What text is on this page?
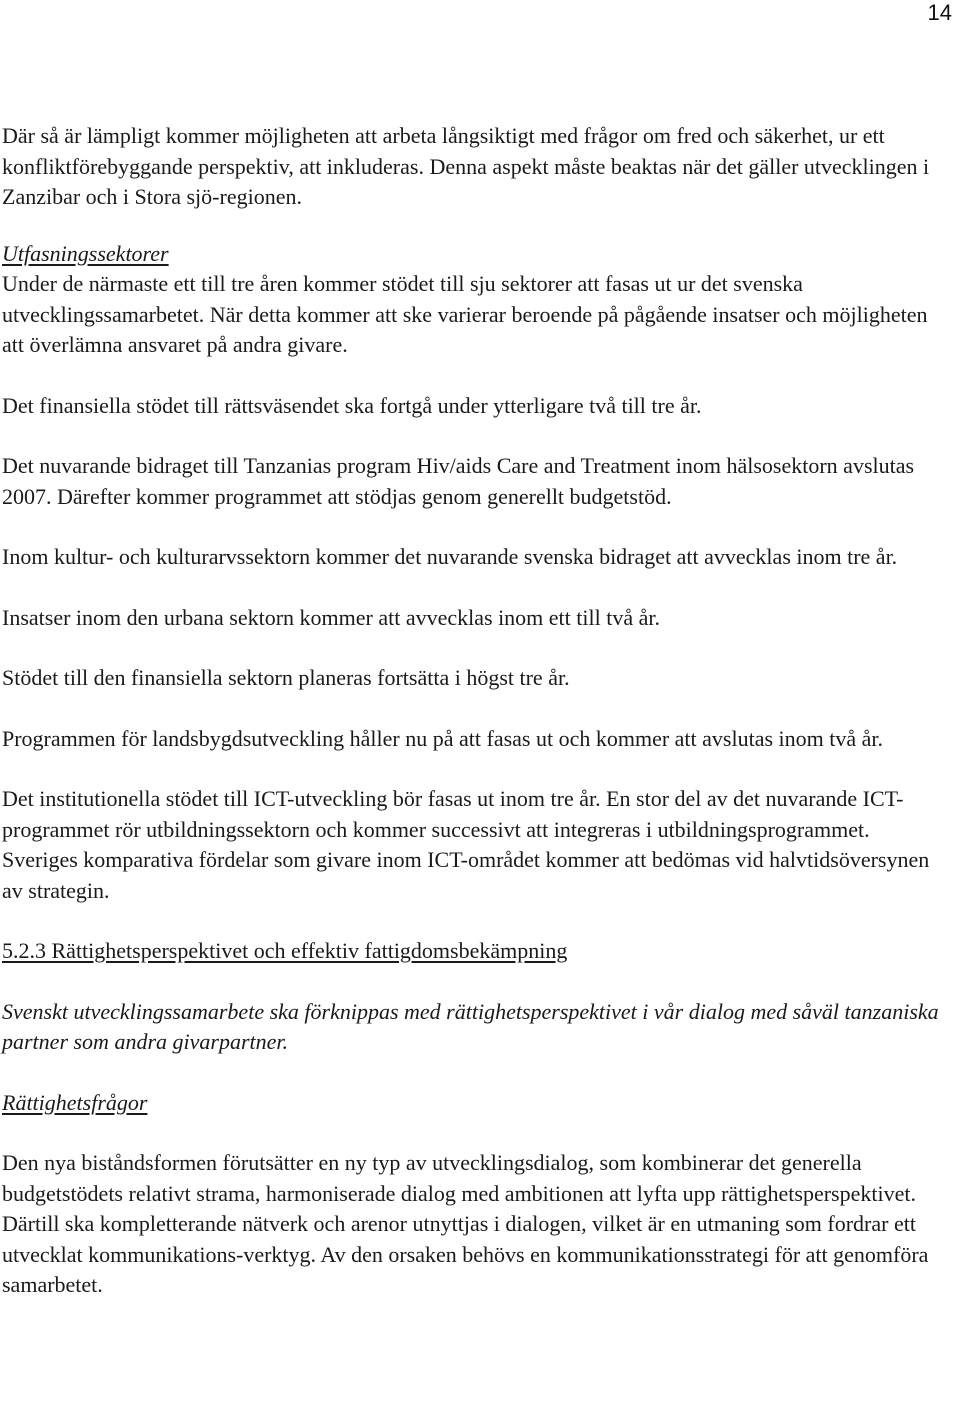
14

Där så är lämpligt kommer möjligheten att arbeta långsiktigt med frågor om fred och säkerhet, ur ett konfliktförebyggande perspektiv, att inkluderas. Denna aspekt måste beaktas när det gäller utvecklingen i Zanzibar och i Stora sjö-regionen.

Utfasningssektorer

Under de närmaste ett till tre åren kommer stödet till sju sektorer att fasas ut ur det svenska utvecklingssamarbetet. När detta kommer att ske varierar beroende på pågående insatser och möjligheten att överlämna ansvaret på andra givare.

Det finansiella stödet till rättsväsendet ska fortgå under ytterligare två till tre år.

Det nuvarande bidraget till Tanzanias program Hiv/aids Care and Treatment inom hälsosektorn avslutas 2007. Därefter kommer programmet att stödjas genom generellt budgetstöd.

Inom kultur- och kulturarvssektorn kommer det nuvarande svenska bidraget att avvecklas inom tre år.

Insatser inom den urbana sektorn kommer att avvecklas inom ett till två år.

Stödet till den finansiella sektorn planeras fortsätta i högst tre år.

Programmen för landsbygdsutveckling håller nu på att fasas ut och kommer att avslutas inom två år.

Det institutionella stödet till ICT-utveckling bör fasas ut inom tre år. En stor del av det nuvarande ICT-programmet rör utbildningssektorn och kommer successivt att integreras i utbildningsprogrammet. Sveriges komparativa fördelar som givare inom ICT-området kommer att bedömas vid halvtidsöversynen av strategin.

5.2.3 Rättighetsperspektivet och effektiv fattigdomsbekämpning

Svenskt utvecklingssamarbete ska förknippas med rättighetsperspektivet i vår dialog med såväl tanzaniska partner som andra givarpartner.

Rättighetsfrågor

Den nya biståndsformen förutsätter en ny typ av utvecklingsdialog, som kombinerar det generella budgetstödets relativt strama, harmoniserade dialog med ambitionen att lyfta upp rättighetsperspektivet. Därtill ska kompletterande nätverk och arenor utnyttjas i dialogen, vilket är en utmaning som fordrar ett utvecklat kommunikations-verktyg. Av den orsaken behövs en kommunikationsstrategi för att genomföra samarbetet.
